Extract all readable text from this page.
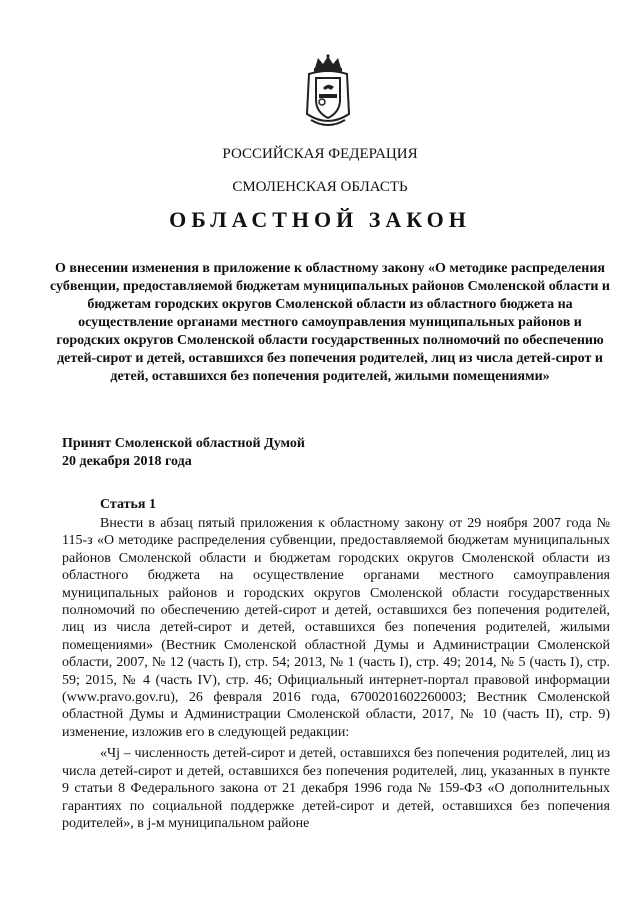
РОССИЙСКАЯ ФЕДЕРАЦИЯ
СМОЛЕНСКАЯ ОБЛАСТЬ
ОБЛАСТНОЙ ЗАКОН
О внесении изменения в приложение к областному закону «О методике распределения субвенции, предоставляемой бюджетам муниципальных районов Смоленской области и бюджетам городских округов Смоленской области из областного бюджета на осуществление органами местного самоуправления муниципальных районов и городских округов Смоленской области государственных полномочий по обеспечению детей-сирот и детей, оставшихся без попечения родителей, лиц из числа детей-сирот и детей, оставшихся без попечения родителей, жилыми помещениями»
Принят Смоленской областной Думой
20 декабря 2018 года
Статья 1

Внести в абзац пятый приложения к областному закону от 29 ноября 2007 года № 115-з «О методике распределения субвенции, предоставляемой бюджетам муниципальных районов Смоленской области и бюджетам городских округов Смоленской области из областного бюджета на осуществление органами местного самоуправления муниципальных районов и городских округов Смоленской области государственных полномочий по обеспечению детей-сирот и детей, оставшихся без попечения родителей, лиц из числа детей-сирот и детей, оставшихся без попечения родителей, жилыми помещениями» (Вестник Смоленской областной Думы и Администрации Смоленской области, 2007, № 12 (часть I), стр. 54; 2013, № 1 (часть I), стр. 49; 2014, № 5 (часть I), стр. 59; 2015, № 4 (часть IV), стр. 46; Официальный интернет-портал правовой информации (www.pravo.gov.ru), 26 февраля 2016 года, 6700201602260003; Вестник Смоленской областной Думы и Администрации Смоленской области, 2017, № 10 (часть II), стр. 9) изменение, изложив его в следующей редакции:

«Чj – численность детей-сирот и детей, оставшихся без попечения родителей, лиц из числа детей-сирот и детей, оставшихся без попечения родителей, лиц, указанных в пункте 9 статьи 8 Федерального закона от 21 декабря 1996 года № 159-ФЗ «О дополнительных гарантиях по социальной поддержке детей-сирот и детей, оставшихся без попечения родителей», в j-м муниципальном районе
